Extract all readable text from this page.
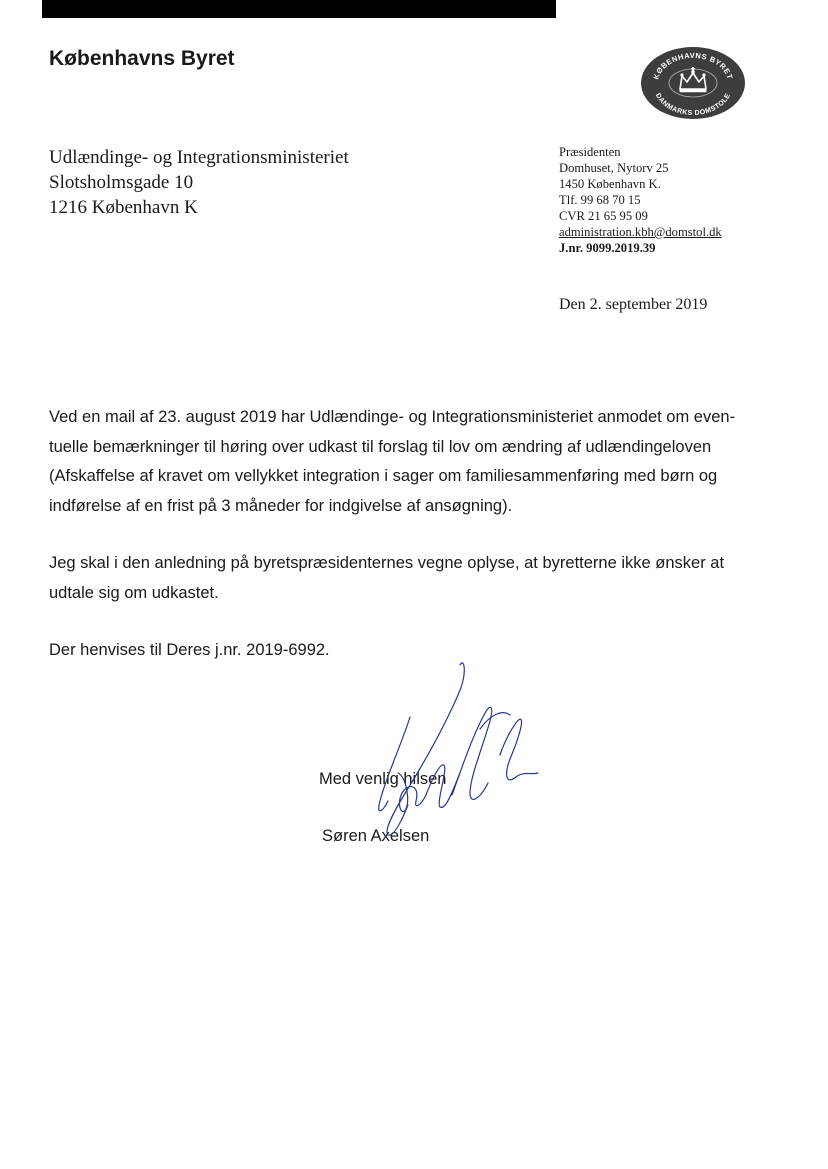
Københavns Byret
KØBENHAVNS BYRET
DANMARKS DOMSTOLE
Udlændinge- og Integrationsministeriet
Slotsholmsgade 10
1216 København K
Præsidenten
Domhuset, Nytorv 25
1450 København K.
Tlf. 99 68 70 15
CVR 21 65 95 09
administration.kbh@domstol.dk
J.nr. 9099.2019.39
Den 2. september 2019
Ved en mail af 23. august 2019 har Udlændinge- og Integrationsministeriet anmodet om even-
tuelle bemærkninger til høring over udkast til forslag til lov om ændring af udlændingeloven
(Afskaffelse af kravet om vellykket integration i sager om familiesammenføring med børn og
indførelse af en frist på 3 måneder for indgivelse af ansøgning).
Jeg skal i den anledning på byretspræsidenternes vegne oplyse, at byretterne ikke ønsker at
udtale sig om udkastet.
Der henvises til Deres j.nr. 2019-6992.
Med venlig hilsen
Søren Axelsen
